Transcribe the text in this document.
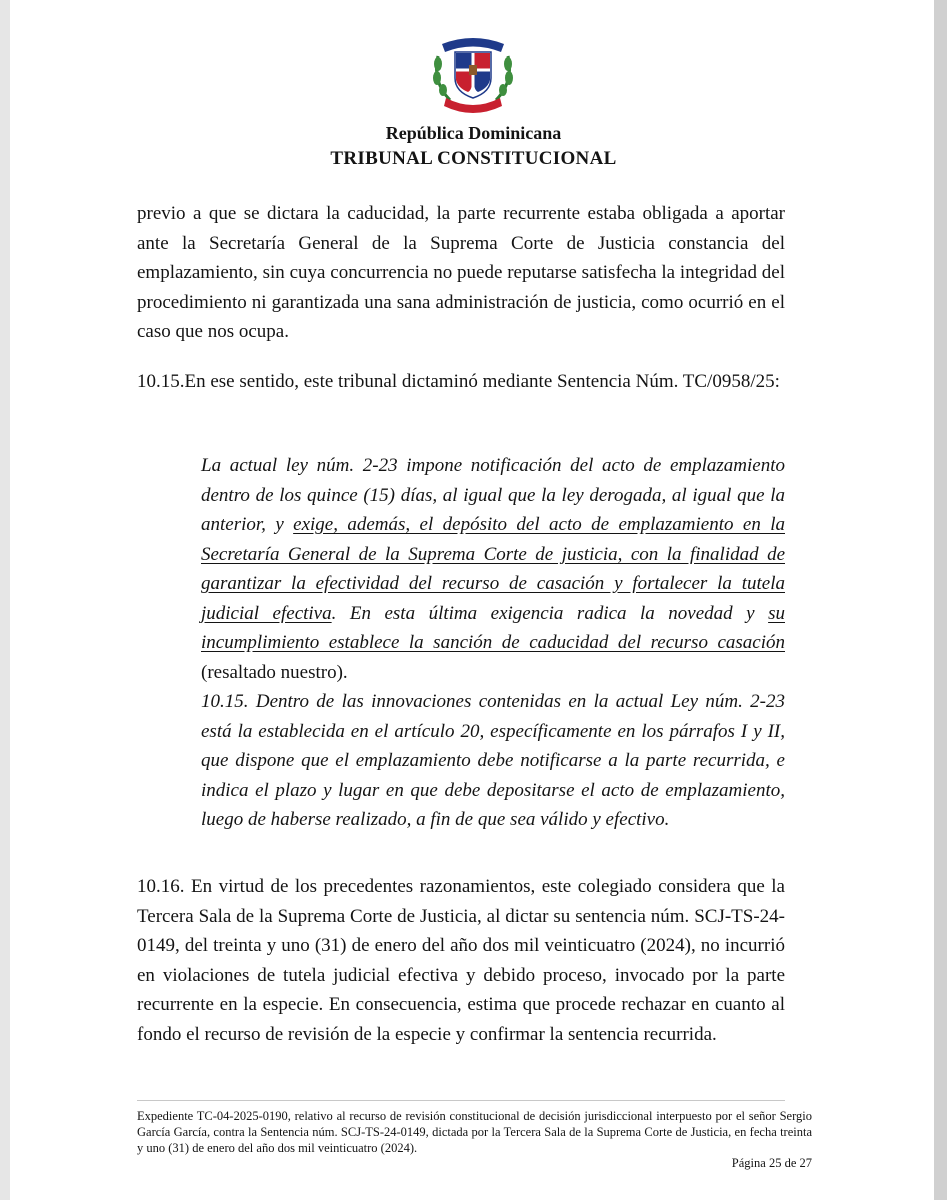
República Dominicana
TRIBUNAL CONSTITUCIONAL

previo a que se dictara la caducidad, la parte recurrente estaba obligada a aportar ante la Secretaría General de la Suprema Corte de Justicia constancia del emplazamiento, sin cuya concurrencia no puede reputarse satisfecha la integridad del procedimiento ni garantizada una sana administración de justicia, como ocurrió en el caso que nos ocupa.

10.15.En ese sentido, este tribunal dictaminó mediante Sentencia Núm. TC/0958/25:

La actual ley núm. 2-23 impone notificación del acto de emplazamiento dentro de los quince (15) días, al igual que la ley derogada, al igual que la anterior, y exige, además, el depósito del acto de emplazamiento en la Secretaría General de la Suprema Corte de justicia, con la finalidad de garantizar la efectividad del recurso de casación y fortalecer la tutela judicial efectiva. En esta última exigencia radica la novedad y su incumplimiento establece la sanción de caducidad del recurso casación (resaltado nuestro).

10.15. Dentro de las innovaciones contenidas en la actual Ley núm. 2-23 está la establecida en el artículo 20, específicamente en los párrafos I y II, que dispone que el emplazamiento debe notificarse a la parte recurrida, e indica el plazo y lugar en que debe depositarse el acto de emplazamiento, luego de haberse realizado, a fin de que sea válido y efectivo.

10.16. En virtud de los precedentes razonamientos, este colegiado considera que la Tercera Sala de la Suprema Corte de Justicia, al dictar su sentencia núm. SCJ-TS-24-0149, del treinta y uno (31) de enero del año dos mil veinticuatro (2024), no incurrió en violaciones de tutela judicial efectiva y debido proceso, invocado por la parte recurrente en la especie. En consecuencia, estima que procede rechazar en cuanto al fondo el recurso de revisión de la especie y confirmar la sentencia recurrida.

Expediente TC-04-2025-0190, relativo al recurso de revisión constitucional de decisión jurisdiccional interpuesto por el señor Sergio García García, contra la Sentencia núm. SCJ-TS-24-0149, dictada por la Tercera Sala de la Suprema Corte de Justicia, en fecha treinta y uno (31) de enero del año dos mil veinticuatro (2024).

Página 25 de 27
